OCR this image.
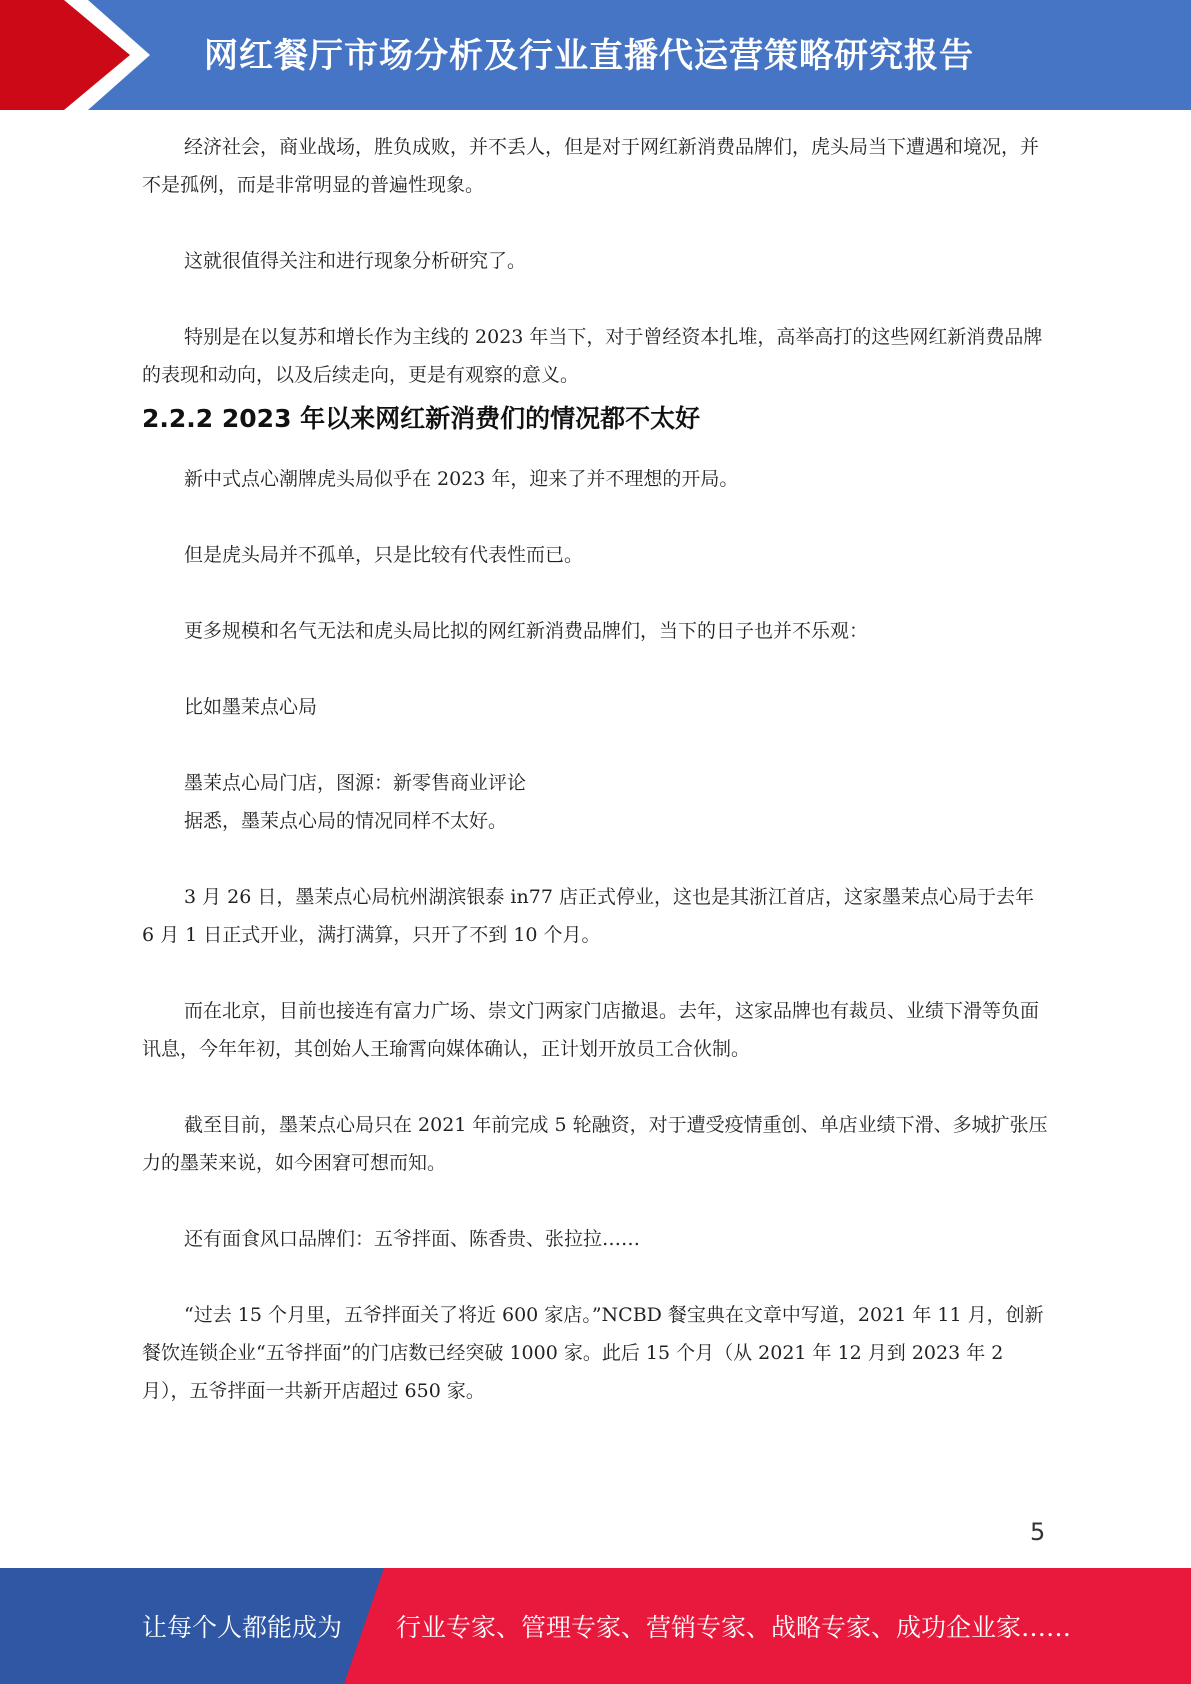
网红餐厅市场分析及行业直播代运营策略研究报告

经济社会，商业战场，胜负成败，并不丢人，但是对于网红新消费品牌们，虎头局当下遭遇和境况，并不是孤例，而是非常明显的普遍性现象。

这就很值得关注和进行现象分析研究了。

特别是在以复苏和增长作为主线的 2023 年当下，对于曾经资本扎堆，高举高打的这些网红新消费品牌的表现和动向，以及后续走向，更是有观察的意义。

2.2.2 2023 年以来网红新消费们的情况都不太好

新中式点心潮牌虎头局似乎在 2023 年，迎来了并不理想的开局。

但是虎头局并不孤单，只是比较有代表性而已。

更多规模和名气无法和虎头局比拟的网红新消费品牌们，当下的日子也并不乐观：

比如墨茉点心局

墨茉点心局门店，图源：新零售商业评论

据悉，墨茉点心局的情况同样不太好。

3 月 26 日，墨茉点心局杭州湖滨银泰 in77 店正式停业，这也是其浙江首店，这家墨茉点心局于去年 6 月 1 日正式开业，满打满算，只开了不到 10 个月。

而在北京，目前也接连有富力广场、崇文门两家门店撤退。去年，这家品牌也有裁员、业绩下滑等负面讯息，今年年初，其创始人王瑜霄向媒体确认，正计划开放员工合伙制。

截至目前，墨茉点心局只在 2021 年前完成 5 轮融资，对于遭受疫情重创、单店业绩下滑、多城扩张压力的墨茉来说，如今困窘可想而知。

还有面食风口品牌们：五爷拌面、陈香贵、张拉拉……

“过去 15 个月里，五爷拌面关了将近 600 家店。”NCBD 餐宝典在文章中写道，2021 年 11 月，创新餐饮连锁企业“五爷拌面”的门店数已经突破 1000 家。此后 15 个月（从 2021 年 12 月到 2023 年 2 月），五爷拌面一共新开店超过 650 家。

5
让每个人都能成为 行业专家、管理专家、营销专家、战略专家、成功企业家……
